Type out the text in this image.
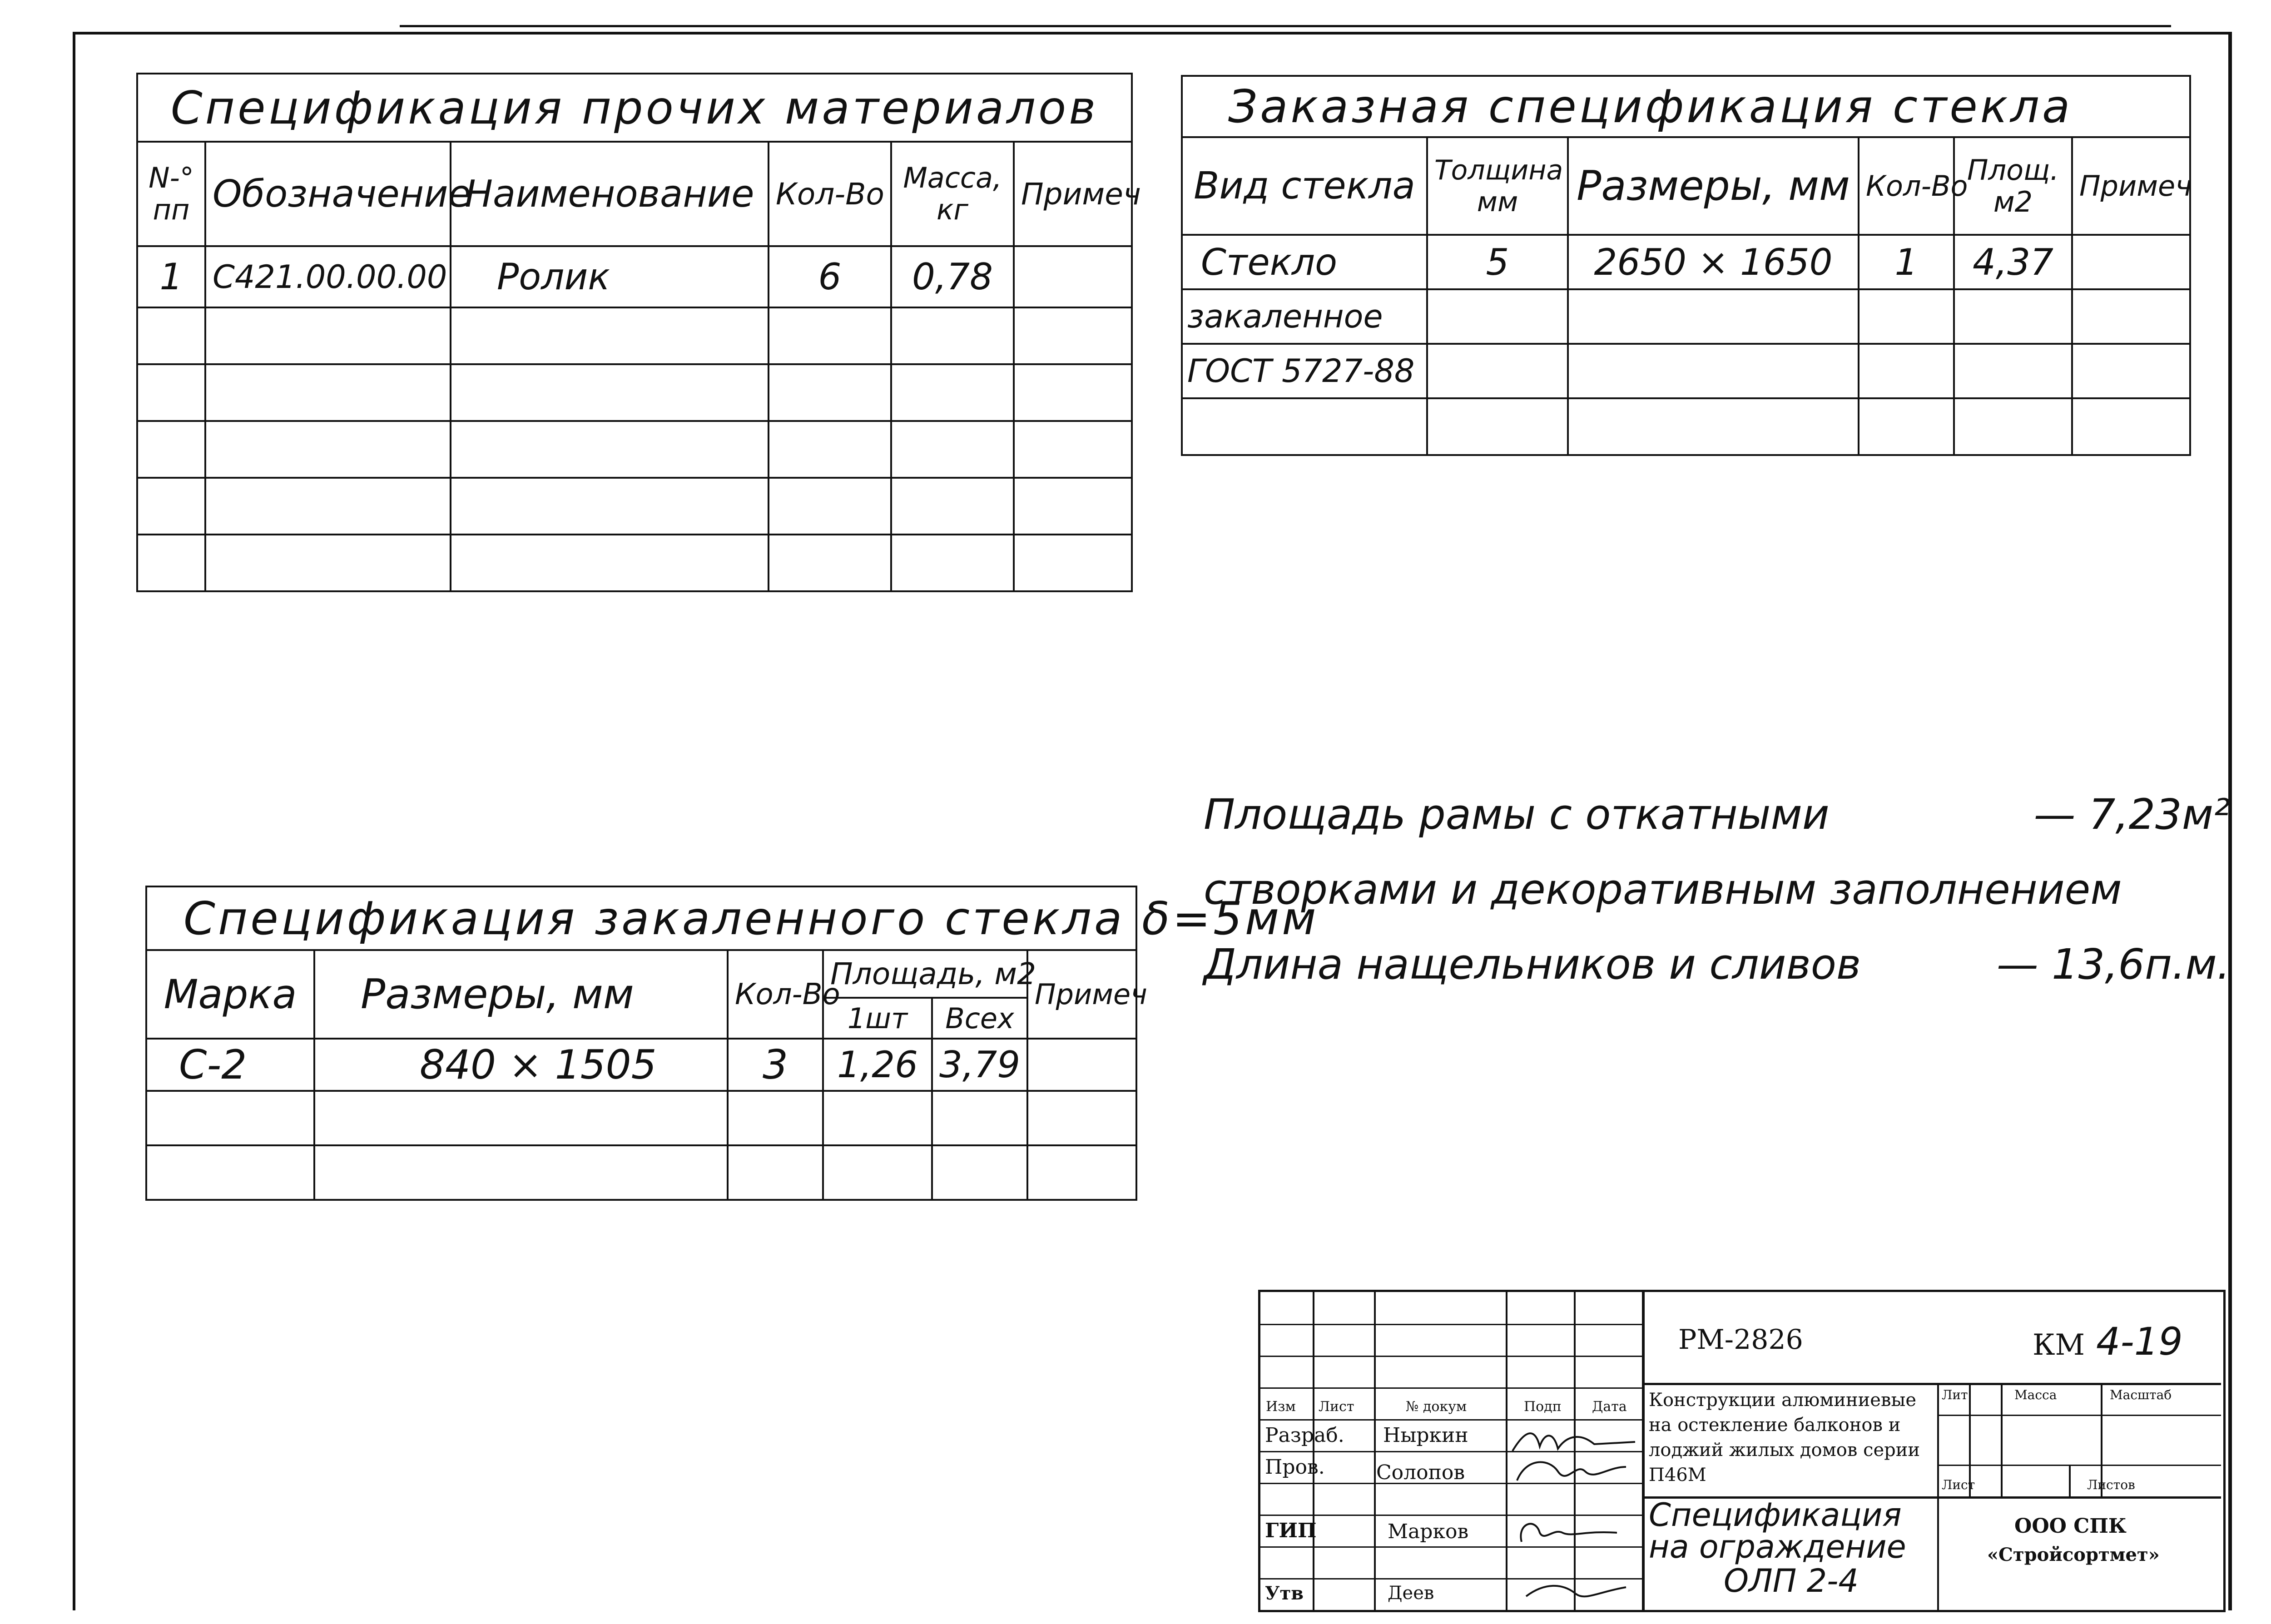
Спецификация прочих материалов					
N-° пп	Обозначение	Наименование	Кол-Во	Масса, кг	Примеч
1	С421.00.00.00	Ролик	6	0,78	

Заказная спецификация стекла					
Вид стекла	Толщина мм	Размеры, мм	Кол-Во	Площ. м2	Примеч
Стекло	5	2650 × 1650	1	4,37	
закаленное					
ГОСТ 5727-88					

Спецификация закаленного стекла δ=5мм					
Марка	Размеры, мм	Кол-Во	Площадь, м2		Примеч
			1шт	Всех	
С-2	840 × 1505	3	1,26	3,79	

Площадь рамы с откатными	— 7,23м²
створками и декоративным заполнением
Длина нащельников и сливов	— 13,6п.м.
Изм Лист	№ докум	Подп Дата
Разраб. Ныркин
Пров.	Солопов
ГИП	Марков
Утв	Деев
РМ-2826	КМ 4-19
Конструкции алюминиевые
на остекление балконов и
лоджий жилых домов серии
П46М
Спецификация
на ограждение
ОЛП 2-4
Лит.	Масса	Масштаб
Лист	Листов
ООО СПК
«Стройсортмет»
